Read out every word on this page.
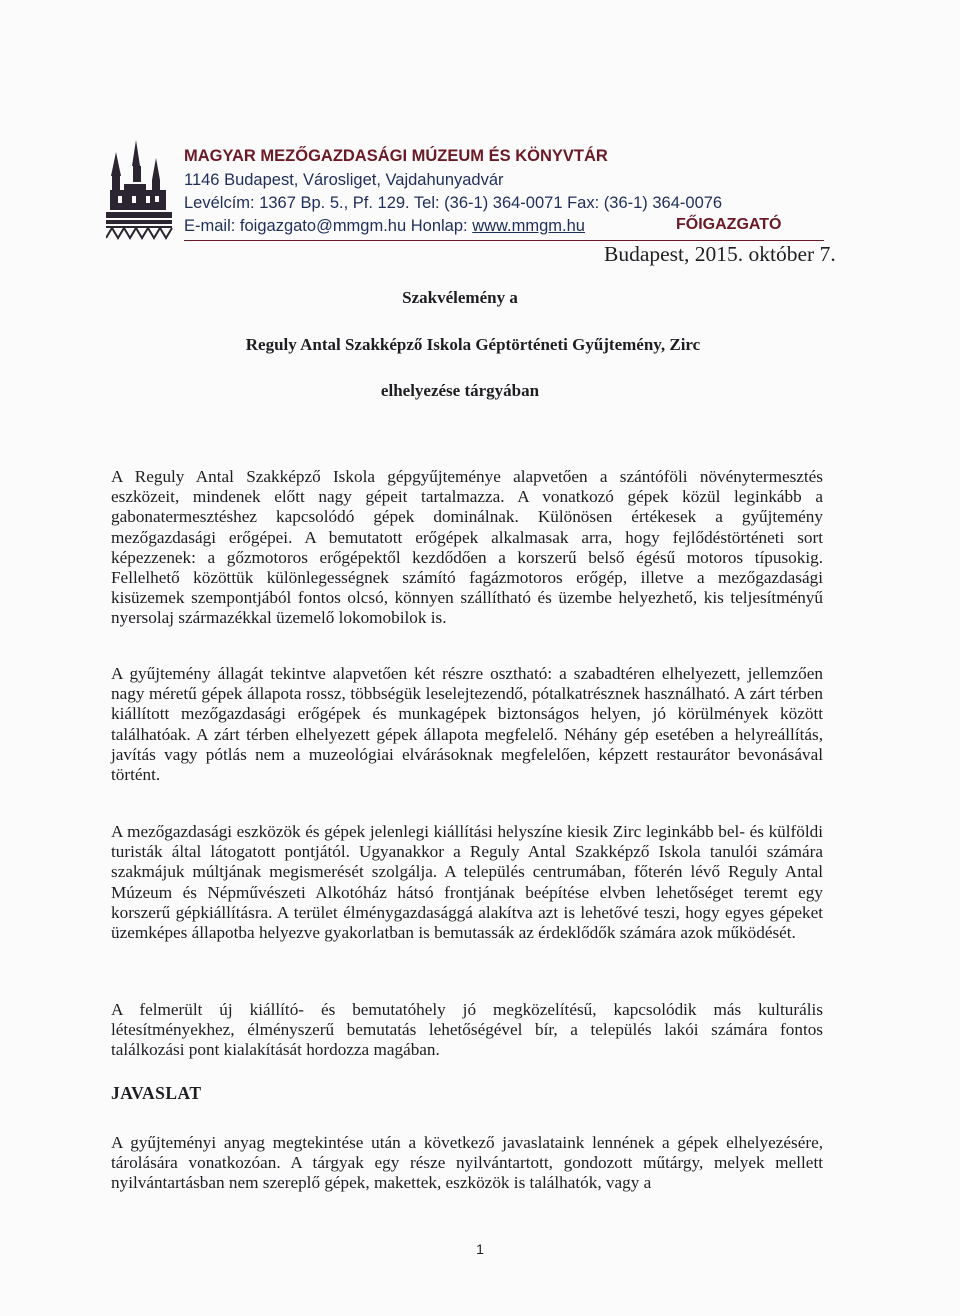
MAGYAR MEZŐGAZDASÁGI MÚZEUM ÉS KÖNYVTÁR
1146 Budapest, Városliget, Vajdahunyadvár
Levélcím: 1367 Bp. 5., Pf. 129. Tel: (36-1) 364-0071 Fax: (36-1) 364-0076
E-mail: foigazgato@mmgm.hu Honlap: www.mmgm.hu	FŐIGAZGATÓ
Budapest, 2015. október 7.
Szakvélemény a
Reguly Antal Szakképző Iskola Géptörténeti Gyűjtemény, Zirc
elhelyezése tárgyában
A Reguly Antal Szakképző Iskola gépgyűjteménye alapvetően a szántóföli növénytermesztés eszközeit, mindenek előtt nagy gépeit tartalmazza. A vonatkozó gépek közül leginkább a gabonatermesztéshez kapcsolódó gépek dominálnak. Különösen értékesek a gyűjtemény mezőgazdasági erőgépei. A bemutatott erőgépek alkalmasak arra, hogy fejlődéstörténeti sort képezzenek: a gőzmotoros erőgépektől kezdődően a korszerű belső égésű motoros típusokig. Fellelhető közöttük különlegességnek számító fagázmotoros erőgép, illetve a mezőgazdasági kisüzemek szempontjából fontos olcsó, könnyen szállítható és üzembe helyezhető, kis teljesítményű nyersolaj származékkal üzemelő lokomobilok is.
A gyűjtemény állagát tekintve alapvetően két részre osztható: a szabadtéren elhelyezett, jellemzően nagy méretű gépek állapota rossz, többségük leselejtezendő, pótalkatrésznek használható. A zárt térben kiállított mezőgazdasági erőgépek és munkagépek biztonságos helyen, jó körülmények között találhatóak. A zárt térben elhelyezett gépek állapota megfelelő. Néhány gép esetében a helyreállítás, javítás vagy pótlás nem a muzeológiai elvárásoknak megfelelően, képzett restaurátor bevonásával történt.
A mezőgazdasági eszközök és gépek jelenlegi kiállítási helyszíne kiesik Zirc leginkább bel- és külföldi turisták által látogatott pontjától. Ugyanakkor a Reguly Antal Szakképző Iskola tanulói számára szakmájuk múltjának megismerését szolgálja. A település centrumában, főterén lévő Reguly Antal Múzeum és Népművészeti Alkotóház hátsó frontjának beépítése elvben lehetőséget teremt egy korszerű gépkiállításra. A terület élménygazdasággá alakítva azt is lehetővé teszi, hogy egyes gépeket üzemképes állapotba helyezve gyakorlatban is bemutassák az érdeklődők számára azok működését.
A felmerült új kiállító- és bemutatóhely jó megközelítésű, kapcsolódik más kulturális létesítményekhez, élményszerű bemutatás lehetőségével bír, a település lakói számára fontos találkozási pont kialakítását hordozza magában.
JAVASLAT
A gyűjteményi anyag megtekintése után a következő javaslataink lennének a gépek elhelyezésére, tárolására vonatkozóan. A tárgyak egy része nyilvántartott, gondozott műtárgy, melyek mellett nyilvántartásban nem szereplő gépek, makettek, eszközök is találhatók, vagy a
1
